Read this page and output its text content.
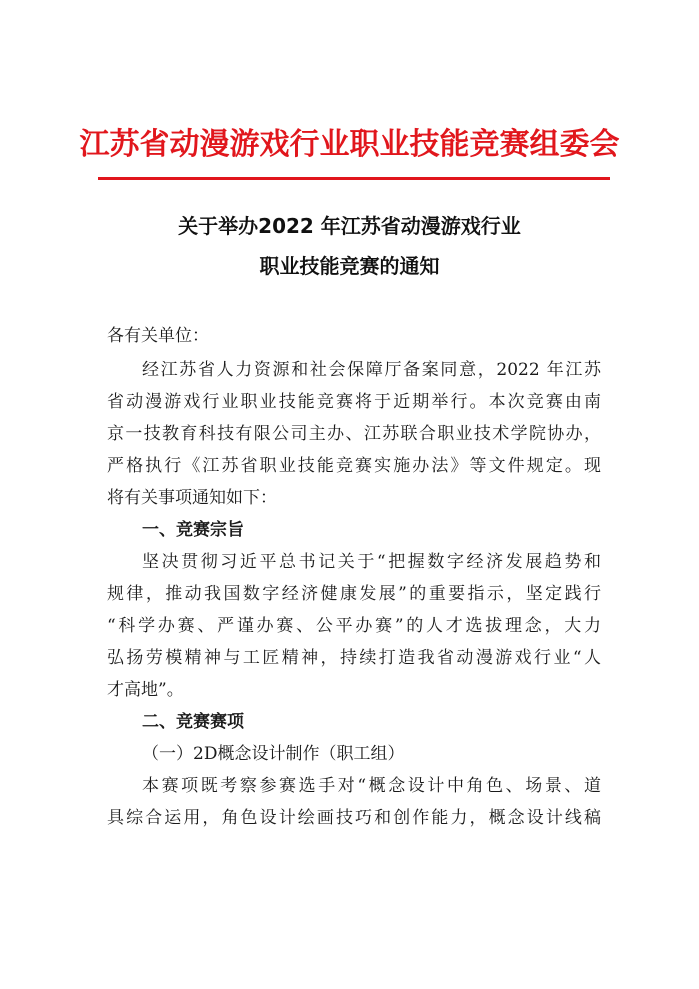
江苏省动漫游戏行业职业技能竞赛组委会
关于举办2022 年江苏省动漫游戏行业
职业技能竞赛的通知
各有关单位：
经江苏省人力资源和社会保障厅备案同意，2022 年江苏
省动漫游戏行业职业技能竞赛将于近期举行。本次竞赛由南
京一技教育科技有限公司主办、江苏联合职业技术学院协办，
严格执行《江苏省职业技能竞赛实施办法》等文件规定。现
将有关事项通知如下：
一、竞赛宗旨
坚决贯彻习近平总书记关于“把握数字经济发展趋势和
规律，推动我国数字经济健康发展”的重要指示，坚定践行
“科学办赛、严谨办赛、公平办赛”的人才选拔理念，大力
弘扬劳模精神与工匠精神，持续打造我省动漫游戏行业“人
才高地”。
二、竞赛赛项
（一）2D概念设计制作（职工组）
本赛项既考察参赛选手对“概念设计中角色、场景、道
具综合运用，角色设计绘画技巧和创作能力，概念设计线稿
